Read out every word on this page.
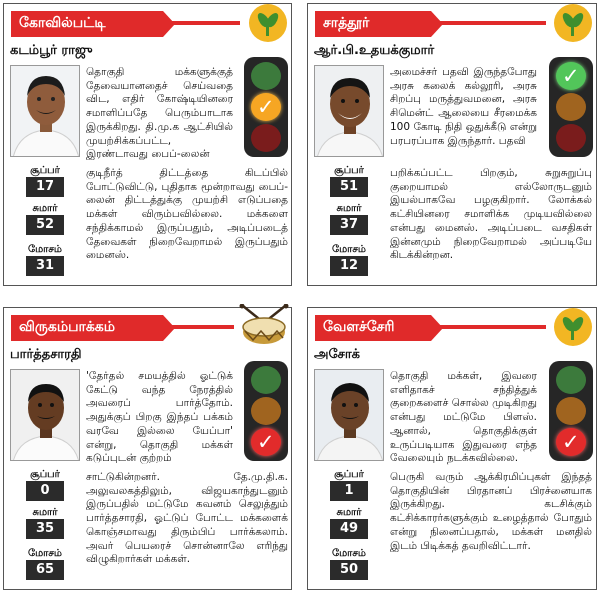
கோவில்பட்டி
கடம்பூர் ராஜு
சூப்பர்
17
சுமார்
52
மோசம்
31
தொகுதி மக்களுக்குத் தேவையானதைச் செய்வதை விட, எதிர் கோஷ்டியினரை சமாளிப்பதே பெரும்பாடாக இருக்கிறது. தி.மு.க ஆட்சியில் முயற்சிக்கப்பட்ட, இரண்டாவது பைப்-லைன்
குடிநீர்த் திட்டத்தை கிடப்பில் போட்டுவிட்டு, புதிதாக மூன்றாவது பைப்-லைன் திட்டத்துக்கு முயற்சி எடுப்பதை மக்கள் விரும்பவில்லை. மக்களை சந்திக்காமல் இருப்பதும், அடிப்படைத் தேவைகள் நிறைவேறாமல் இருப்பதும் மைனஸ்.
✓
சாத்தூர்
ஆர்.பி.உதயக்குமார்
சூப்பர்
51
சுமார்
37
மோசம்
12
அமைச்சர் பதவி இருந்தபோது அரசு கலைக் கல்லூரி, அரசு சிறப்பு மருத்துவமனை, அரசு சிமென்ட் ஆலையை சீரமைக்க 100 கோடி நிதி ஒதுக்கீடு என்று பரபரப்பாக இருந்தார். பதவி
பறிக்கப்பட்ட பிறகும், சுறுசுறுப்பு குறையாமல் எல்லோருடனும் இயல்பாகவே பழகுகிறார். லோக்கல் கட்சியினரை சமாளிக்க முடியவில்லை என்பது மைனஸ். அடிப்படை வசதிகள் இன்னமும் நிறைவேறாமல் அப்படியே கிடக்கின்றன.
✓
விருகம்பாக்கம்
பார்த்தசாரதி
சூப்பர்
0
சுமார்
35
மோசம்
65
'தேர்தல் சமயத்தில் ஓட்டுக் கேட்டு வந்த நேரத்தில் அவரைப் பார்த்தோம். அதுக்குப் பிறகு இந்தப் பக்கம் வரவே இல்லை யேப்பா' என்று, தொகுதி மக்கள் கடுப்புடன் குற்றம்
சாட்டுகின்றனர். தே.மு.தி.க. அலுவலகத்திலும், விஜயகாந்துடனும் இருப்பதில் மட்டுமே கவனம் செலுத்தும் பார்த்தசாரதி, ஓட்டுப் போட்ட மக்களைக் கொஞ்சமாவது திரும்பிப் பார்க்கலாம். அவர் பெயரைச் சொன்னாலே எரிந்து விழுகிறார்கள் மக்கள்.
✓
வேளச்சேரி
அசோக்
சூப்பர்
1
சுமார்
49
மோசம்
50
தொகுதி மக்கள், இவரை எளிதாகச் சந்தித்துக் குறைகளைச் சொல்ல முடிகிறது என்பது மட்டுமே பிளஸ். ஆனால், தொகுதிக்குள் உருப்படியாக இதுவரை எந்த வேலையும் நடக்கவில்லை.
பெருகி வரும் ஆக்கிரமிப்புகள் இந்தத் தொகுதியின் பிரதானப் பிரச்னையாக இருக்கிறது. கடசிக்கும் கட்சிக்காரர்களுக்கும் உழைத்தால் போதும் என்று நினைப்பதால், மக்கள் மனதில் இடம் பிடிக்கத் தவறிவிட்டார்.
✓
